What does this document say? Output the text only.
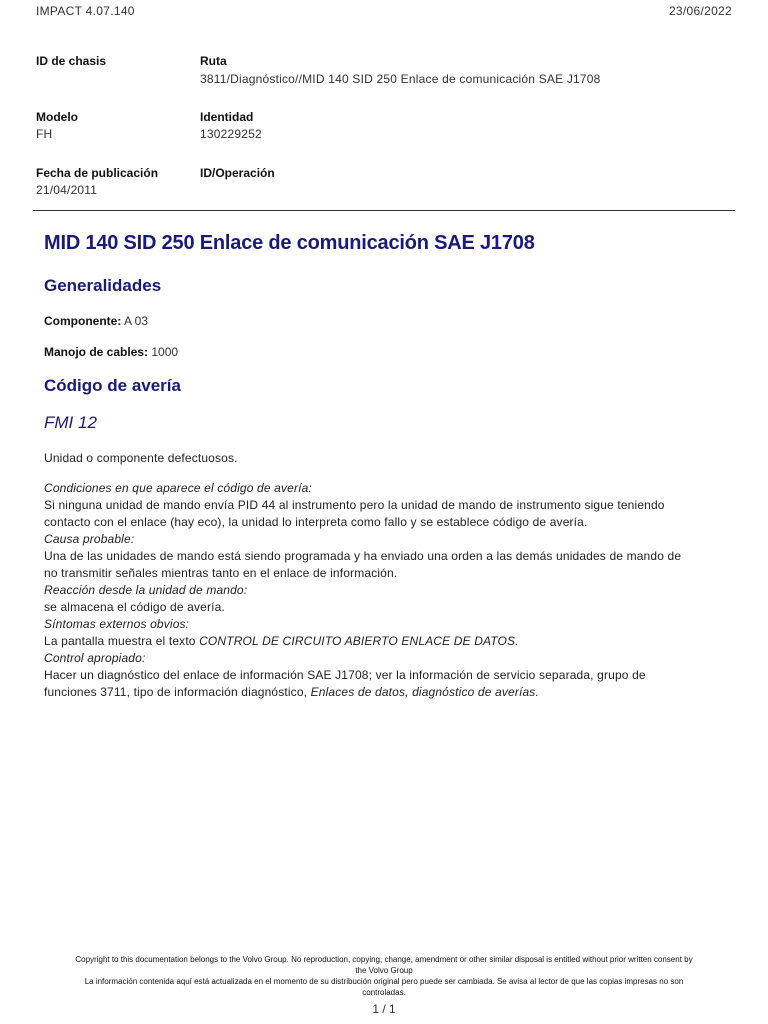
IMPACT 4.07.140	23/06/2022
ID de chasis	Ruta
3811/Diagnóstico//MID 140 SID 250 Enlace de comunicación SAE J1708
Modelo
FH
Identidad
130229252
Fecha de publicación
21/04/2011
ID/Operación
MID 140 SID 250 Enlace de comunicación SAE J1708
Generalidades
Componente: A 03
Manojo de cables: 1000
Código de avería
FMI 12
Unidad o componente defectuosos.
Condiciones en que aparece el código de avería:
Si ninguna unidad de mando envía PID 44 al instrumento pero la unidad de mando de instrumento sigue teniendo
contacto con el enlace (hay eco), la unidad lo interpreta como fallo y se establece código de avería.
Causa probable:
Una de las unidades de mando está siendo programada y ha enviado una orden a las demás unidades de mando de
no transmitir señales mientras tanto en el enlace de información.
Reacción desde la unidad de mando:
se almacena el código de avería.
Síntomas externos obvios:
La pantalla muestra el texto CONTROL DE CIRCUITO ABIERTO ENLACE DE DATOS.
Control apropiado:
Hacer un diagnóstico del enlace de información SAE J1708; ver la información de servicio separada, grupo de
funciones 3711, tipo de información diagnóstico, Enlaces de datos, diagnóstico de averías.
Copyright to this documentation belongs to the Volvo Group. No reproduction, copying, change, amendment or other similar disposal is entitled without prior written consent by
the Volvo Group
La información contenida aquí está actualizada en el momento de su distribución original pero puede ser cambiada. Se avisa al lector de que las copias impresas no son
controladas.
1 / 1
